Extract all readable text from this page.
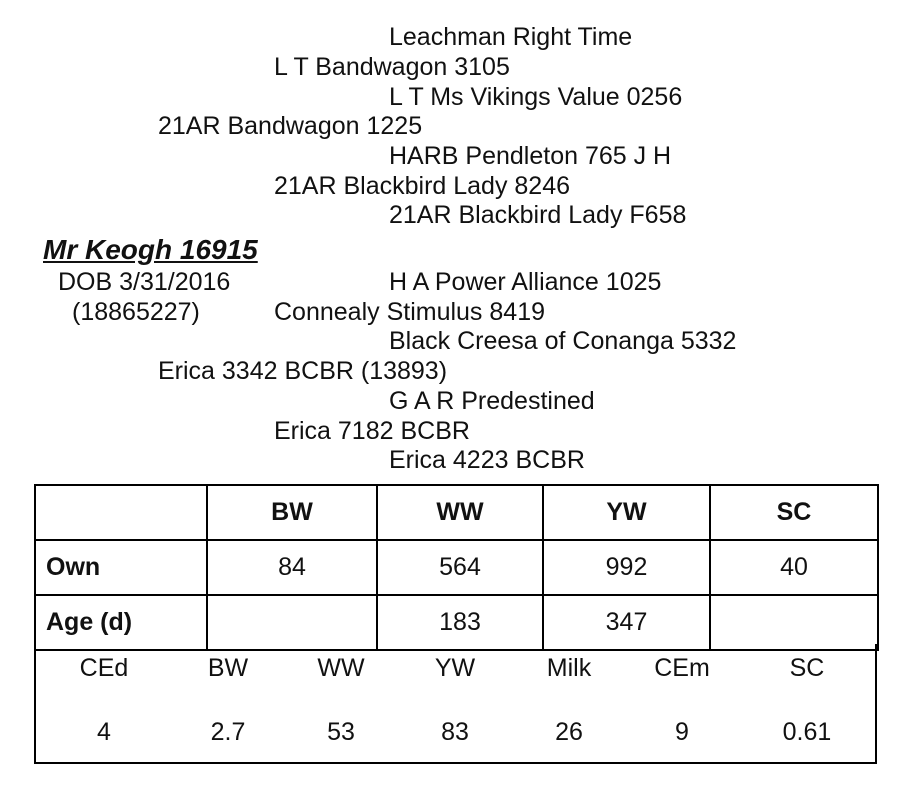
Leachman Right Time
L T Bandwagon 3105
L T Ms Vikings Value 0256
21AR Bandwagon 1225
HARB Pendleton 765 J H
21AR Blackbird Lady 8246
21AR Blackbird Lady F658
Mr Keogh 16915
DOB 3/31/2016
(18865227)
H A Power Alliance 1025
Connealy Stimulus 8419
Black Creesa of Conanga 5332
Erica 3342 BCBR (13893)
G A R Predestined
Erica 7182 BCBR
Erica 4223 BCBR
	BW	WW	YW	SC
Own	84	564	992	40
Age (d)		183	347	
CEd	BW	WW	YW	Milk	CEm	SC
4	2.7	53	83	26	9	0.61
